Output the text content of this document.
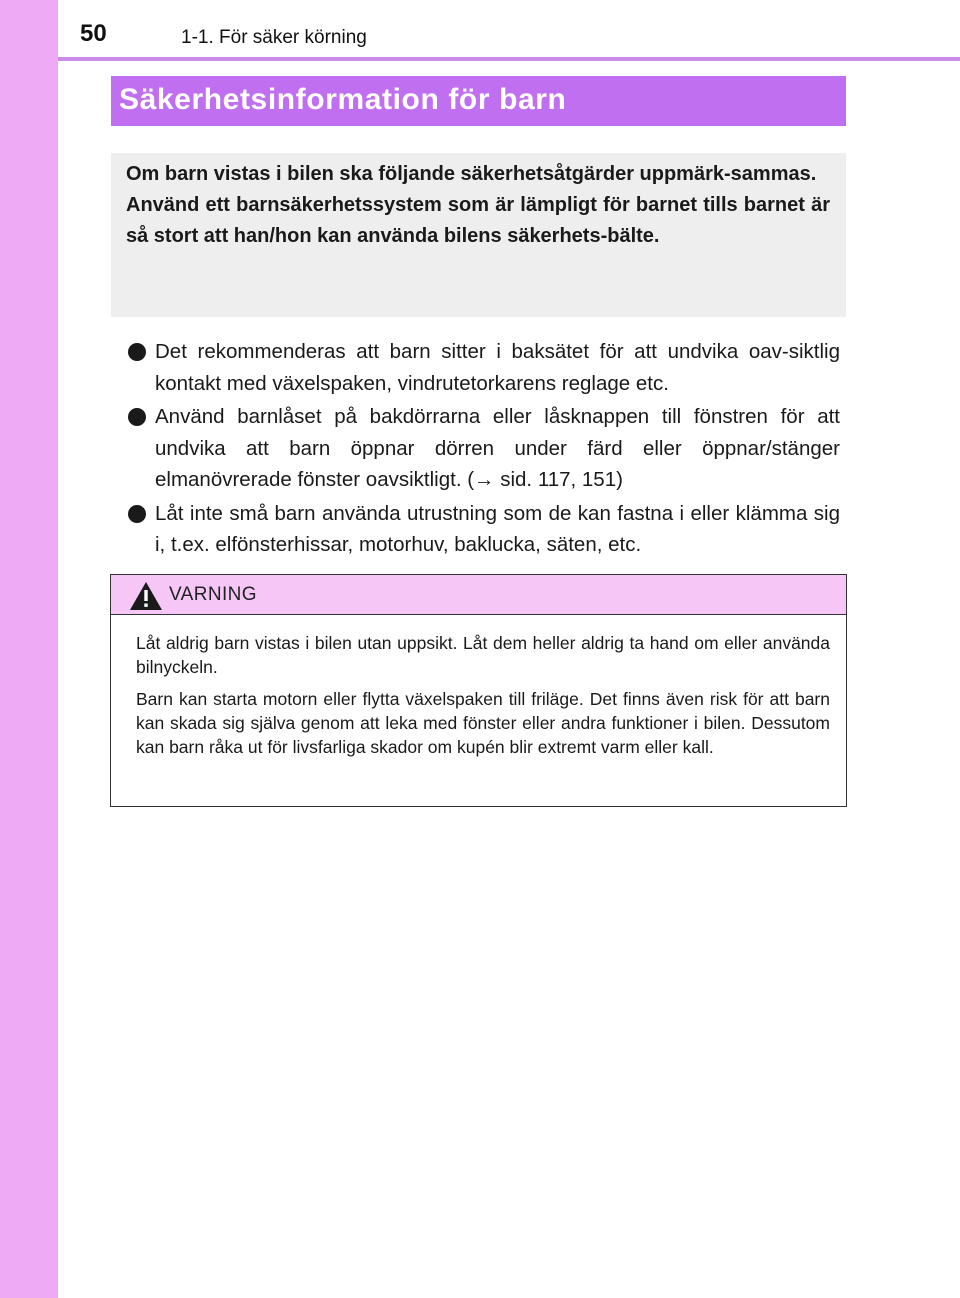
50	1-1. För säker körning
Säkerhetsinformation för barn

Om barn vistas i bilen ska följande säkerhetsåtgärder uppmärk-sammas.

Använd ett barnsäkerhetssystem som är lämpligt för barnet tills barnet är så stort att han/hon kan använda bilens säkerhets-bälte.

Det rekommenderas att barn sitter i baksätet för att undvika oav-siktlig kontakt med växelspaken, vindrutetorkarens reglage etc.
Använd barnlåset på bakdörrarna eller låsknappen till fönstren för att undvika att barn öppnar dörren under färd eller öppnar/stänger elmanövrerade fönster oavsiktligt. (→ sid. 117, 151)
Låt inte små barn använda utrustning som de kan fastna i eller klämma sig i, t.ex. elfönsterhissar, motorhuv, baklucka, säten, etc.
VARNING

Låt aldrig barn vistas i bilen utan uppsikt. Låt dem heller aldrig ta hand om eller använda bilnyckeln.

Barn kan starta motorn eller flytta växelspaken till friläge. Det finns även risk för att barn kan skada sig själva genom att leka med fönster eller andra funktioner i bilen. Dessutom kan barn råka ut för livsfarliga skador om kupén blir extremt varm eller kall.
